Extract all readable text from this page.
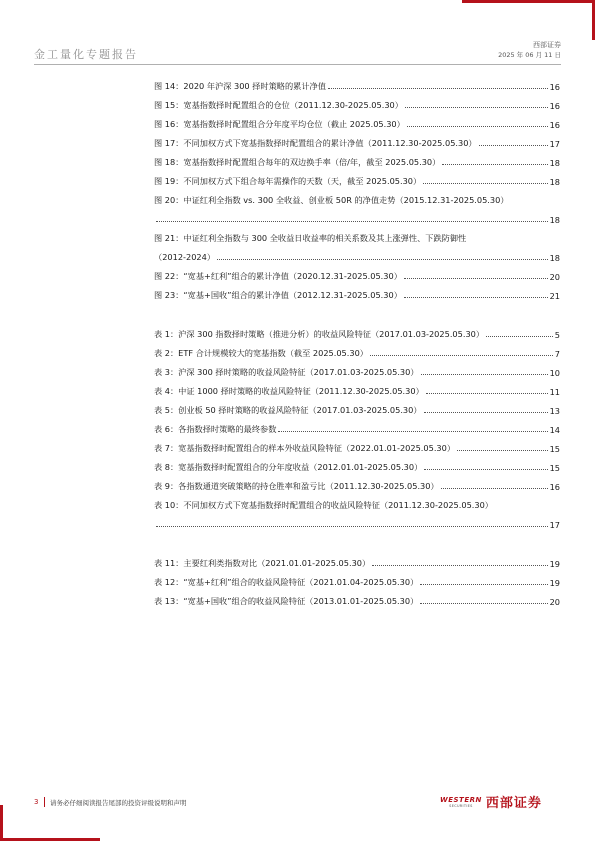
金工量化专题报告
西部证券
2025 年 06 月 11 日
图 14：2020 年沪深 300 择时策略的累计净值	16
图 15：宽基指数择时配置组合的仓位（2011.12.30-2025.05.30）	16
图 16：宽基指数择时配置组合分年度平均仓位（截止 2025.05.30）	16
图 17：不同加权方式下宽基指数择时配置组合的累计净值（2011.12.30-2025.05.30）	17
图 18：宽基指数择时配置组合每年的双边换手率（倍/年，截至 2025.05.30）	18
图 19：不同加权方式下组合每年需操作的天数（天，截至 2025.05.30）	18
图 20：中证红利全指数 vs. 300 全收益、创业板 50R 的净值走势（2015.12.31-2025.05.30）
18
图 21：中证红利全指数与 300 全收益日收益率的相关系数及其上涨弹性、下跌防御性
（2012-2024）	18
图 22：“宽基+红利”组合的累计净值（2020.12.31-2025.05.30）	20
图 23：“宽基+国收”组合的累计净值（2012.12.31-2025.05.30）	21
表 1：沪深 300 指数择时策略（推进分析）的收益风险特征（2017.01.03-2025.05.30）	5
表 2：ETF 合计规模较大的宽基指数（截至 2025.05.30）	7
表 3：沪深 300 择时策略的收益风险特征（2017.01.03-2025.05.30）	10
表 4：中证 1000 择时策略的收益风险特征（2011.12.30-2025.05.30）	11
表 5：创业板 50 择时策略的收益风险特征（2017.01.03-2025.05.30）	13
表 6：各指数择时策略的最终参数	14
表 7：宽基指数择时配置组合的样本外收益风险特征（2022.01.01-2025.05.30）	15
表 8：宽基指数择时配置组合的分年度收益（2012.01.01-2025.05.30）	15
表 9：各指数通道突破策略的持仓胜率和盈亏比（2011.12.30-2025.05.30）	16
表 10：不同加权方式下宽基指数择时配置组合的收益风险特征（2011.12.30-2025.05.30）
17
表 11：主要红利类指数对比（2021.01.01-2025.05.30）	19
表 12：“宽基+红利”组合的收益风险特征（2021.01.04-2025.05.30）	19
表 13：“宽基+国收”组合的收益风险特征（2013.01.01-2025.05.30）	20
3 请务必仔细阅读报告尾部的投资评级说明和声明	WESTERN
SECURITIES 西部证券
